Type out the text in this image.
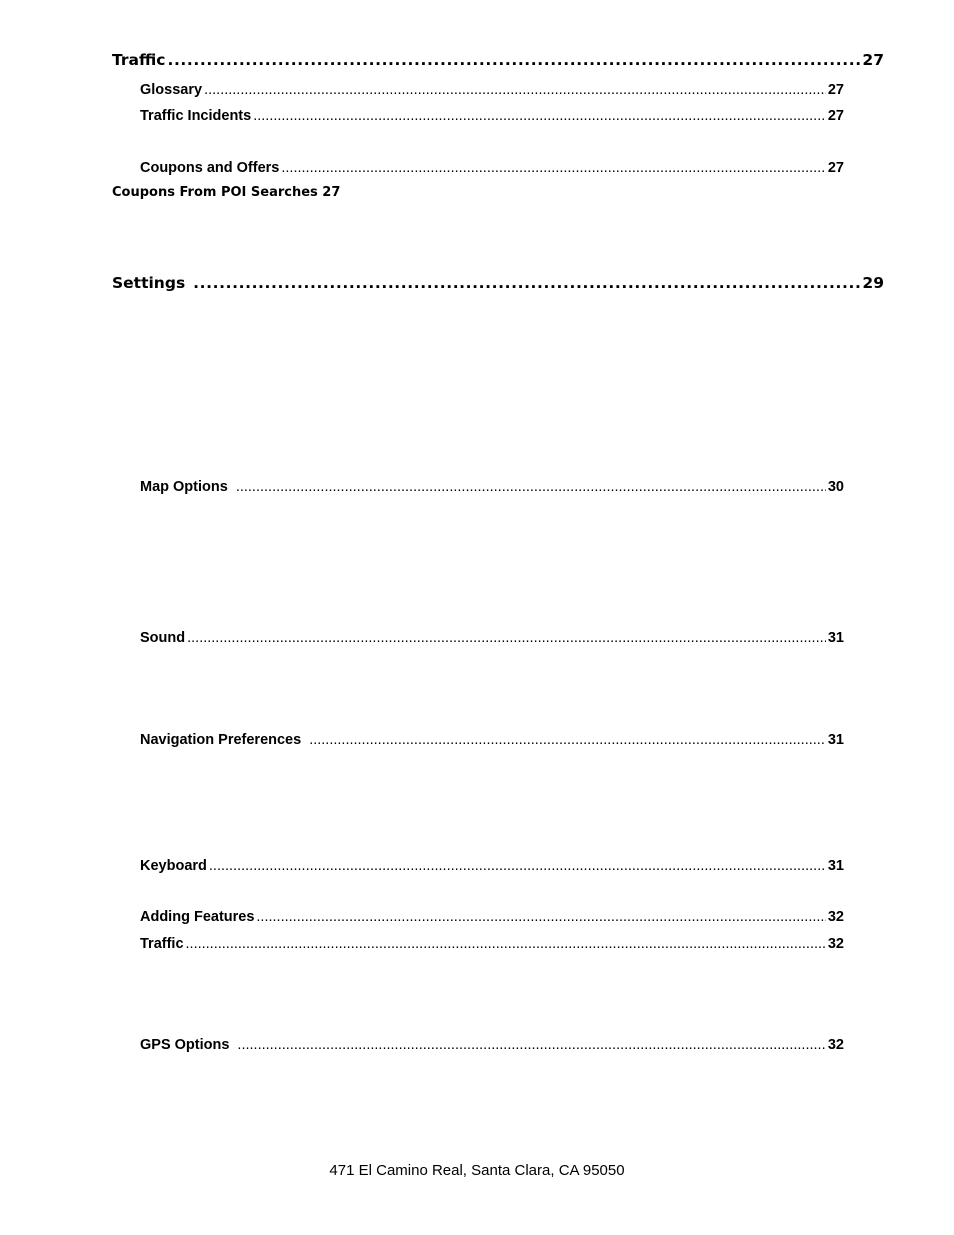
Traffic .....	27
Glossary .....	27
Traffic Incidents .....	27
Coupons and Offers .....	27
Coupons From POI Searches 27
Settings .....	29
Map Options .....	30
Sound .....	31
Navigation Preferences .....	31
Keyboard .....	31
Adding Features .....	32
Traffic .....	32
GPS Options .....	32
471 El Camino Real, Santa Clara, CA 95050
